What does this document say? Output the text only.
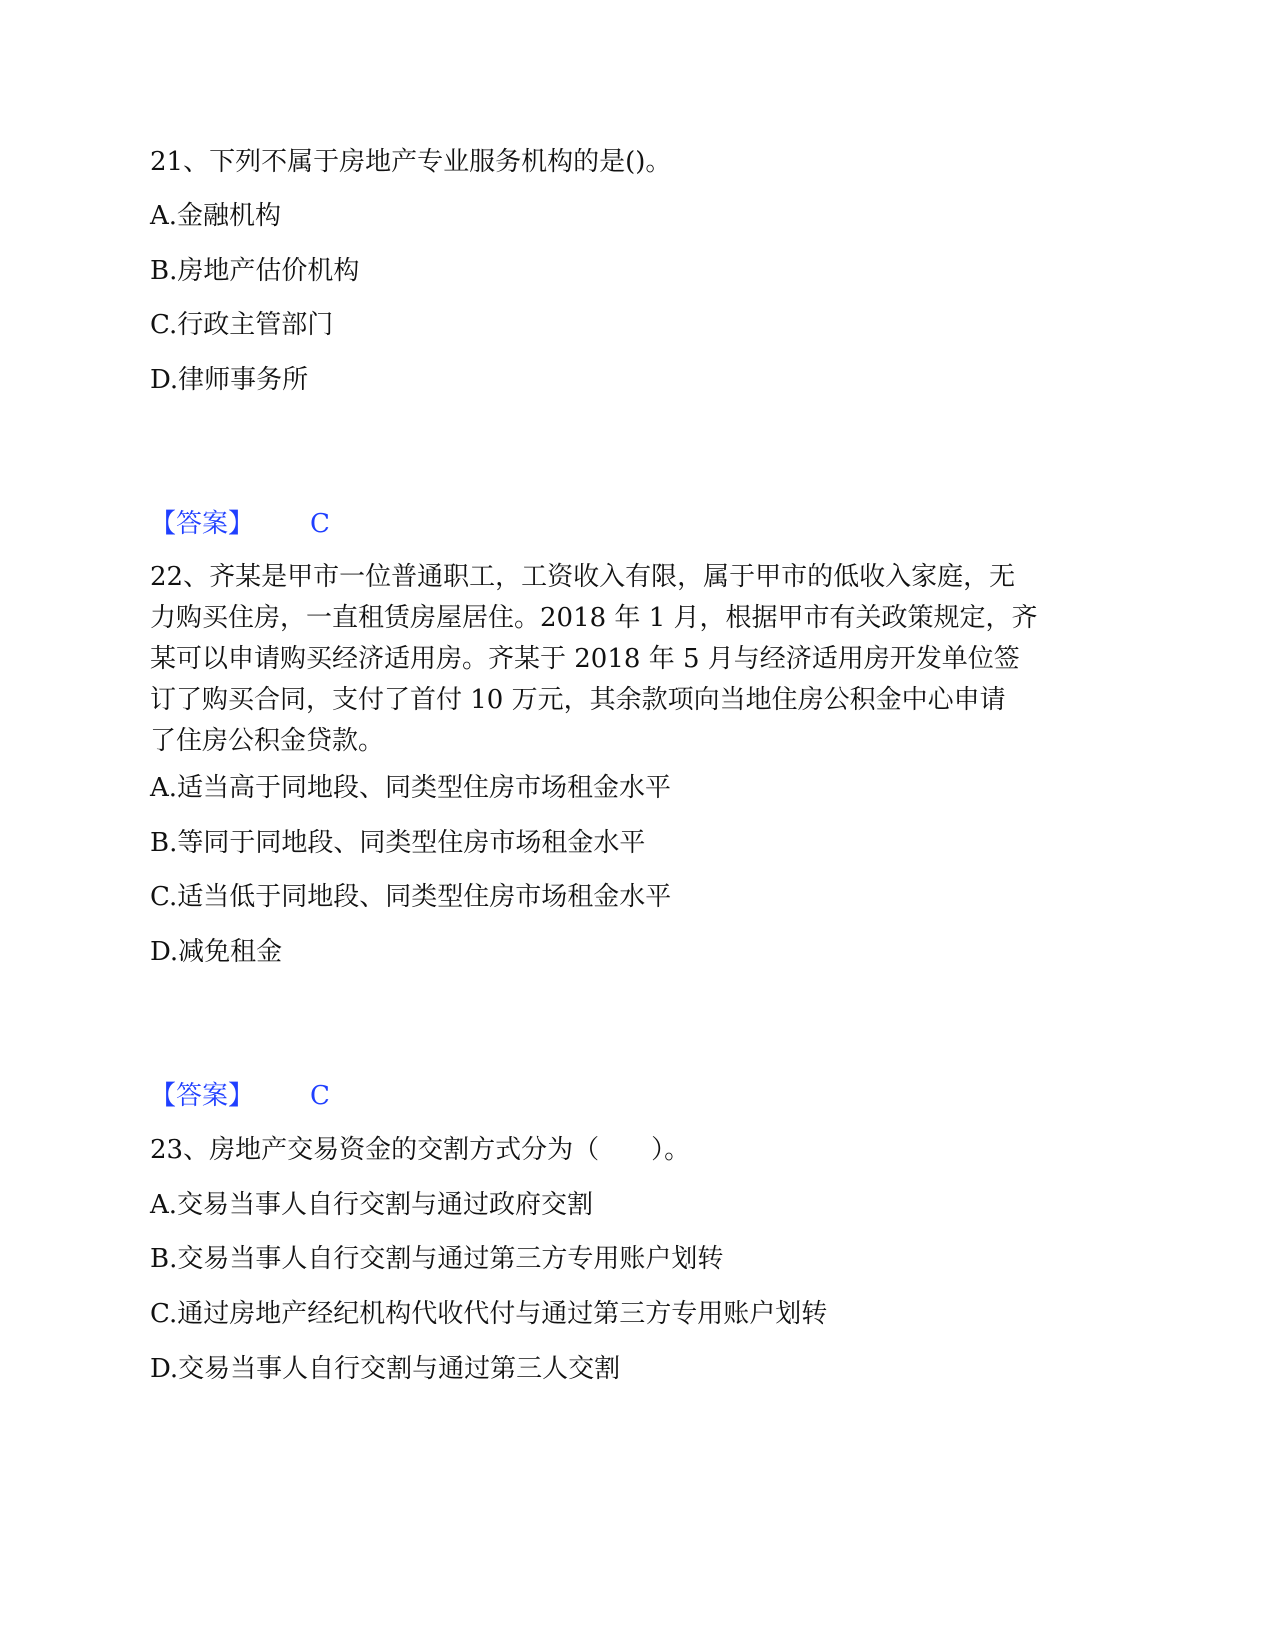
21、下列不属于房地产专业服务机构的是()。
A.金融机构
B.房地产估价机构
C.行政主管部门
D.律师事务所
【答案】 C
22、齐某是甲市一位普通职工，工资收入有限，属于甲市的低收入家庭，无
力购买住房，一直租赁房屋居住。2018 年 1 月，根据甲市有关政策规定，齐
某可以申请购买经济适用房。齐某于 2018 年 5 月与经济适用房开发单位签
订了购买合同，支付了首付 10 万元，其余款项向当地住房公积金中心申请
了住房公积金贷款。
A.适当高于同地段、同类型住房市场租金水平
B.等同于同地段、同类型住房市场租金水平
C.适当低于同地段、同类型住房市场租金水平
D.减免租金
【答案】 C
23、房地产交易资金的交割方式分为（　　）。
A.交易当事人自行交割与通过政府交割
B.交易当事人自行交割与通过第三方专用账户划转
C.通过房地产经纪机构代收代付与通过第三方专用账户划转
D.交易当事人自行交割与通过第三人交割
